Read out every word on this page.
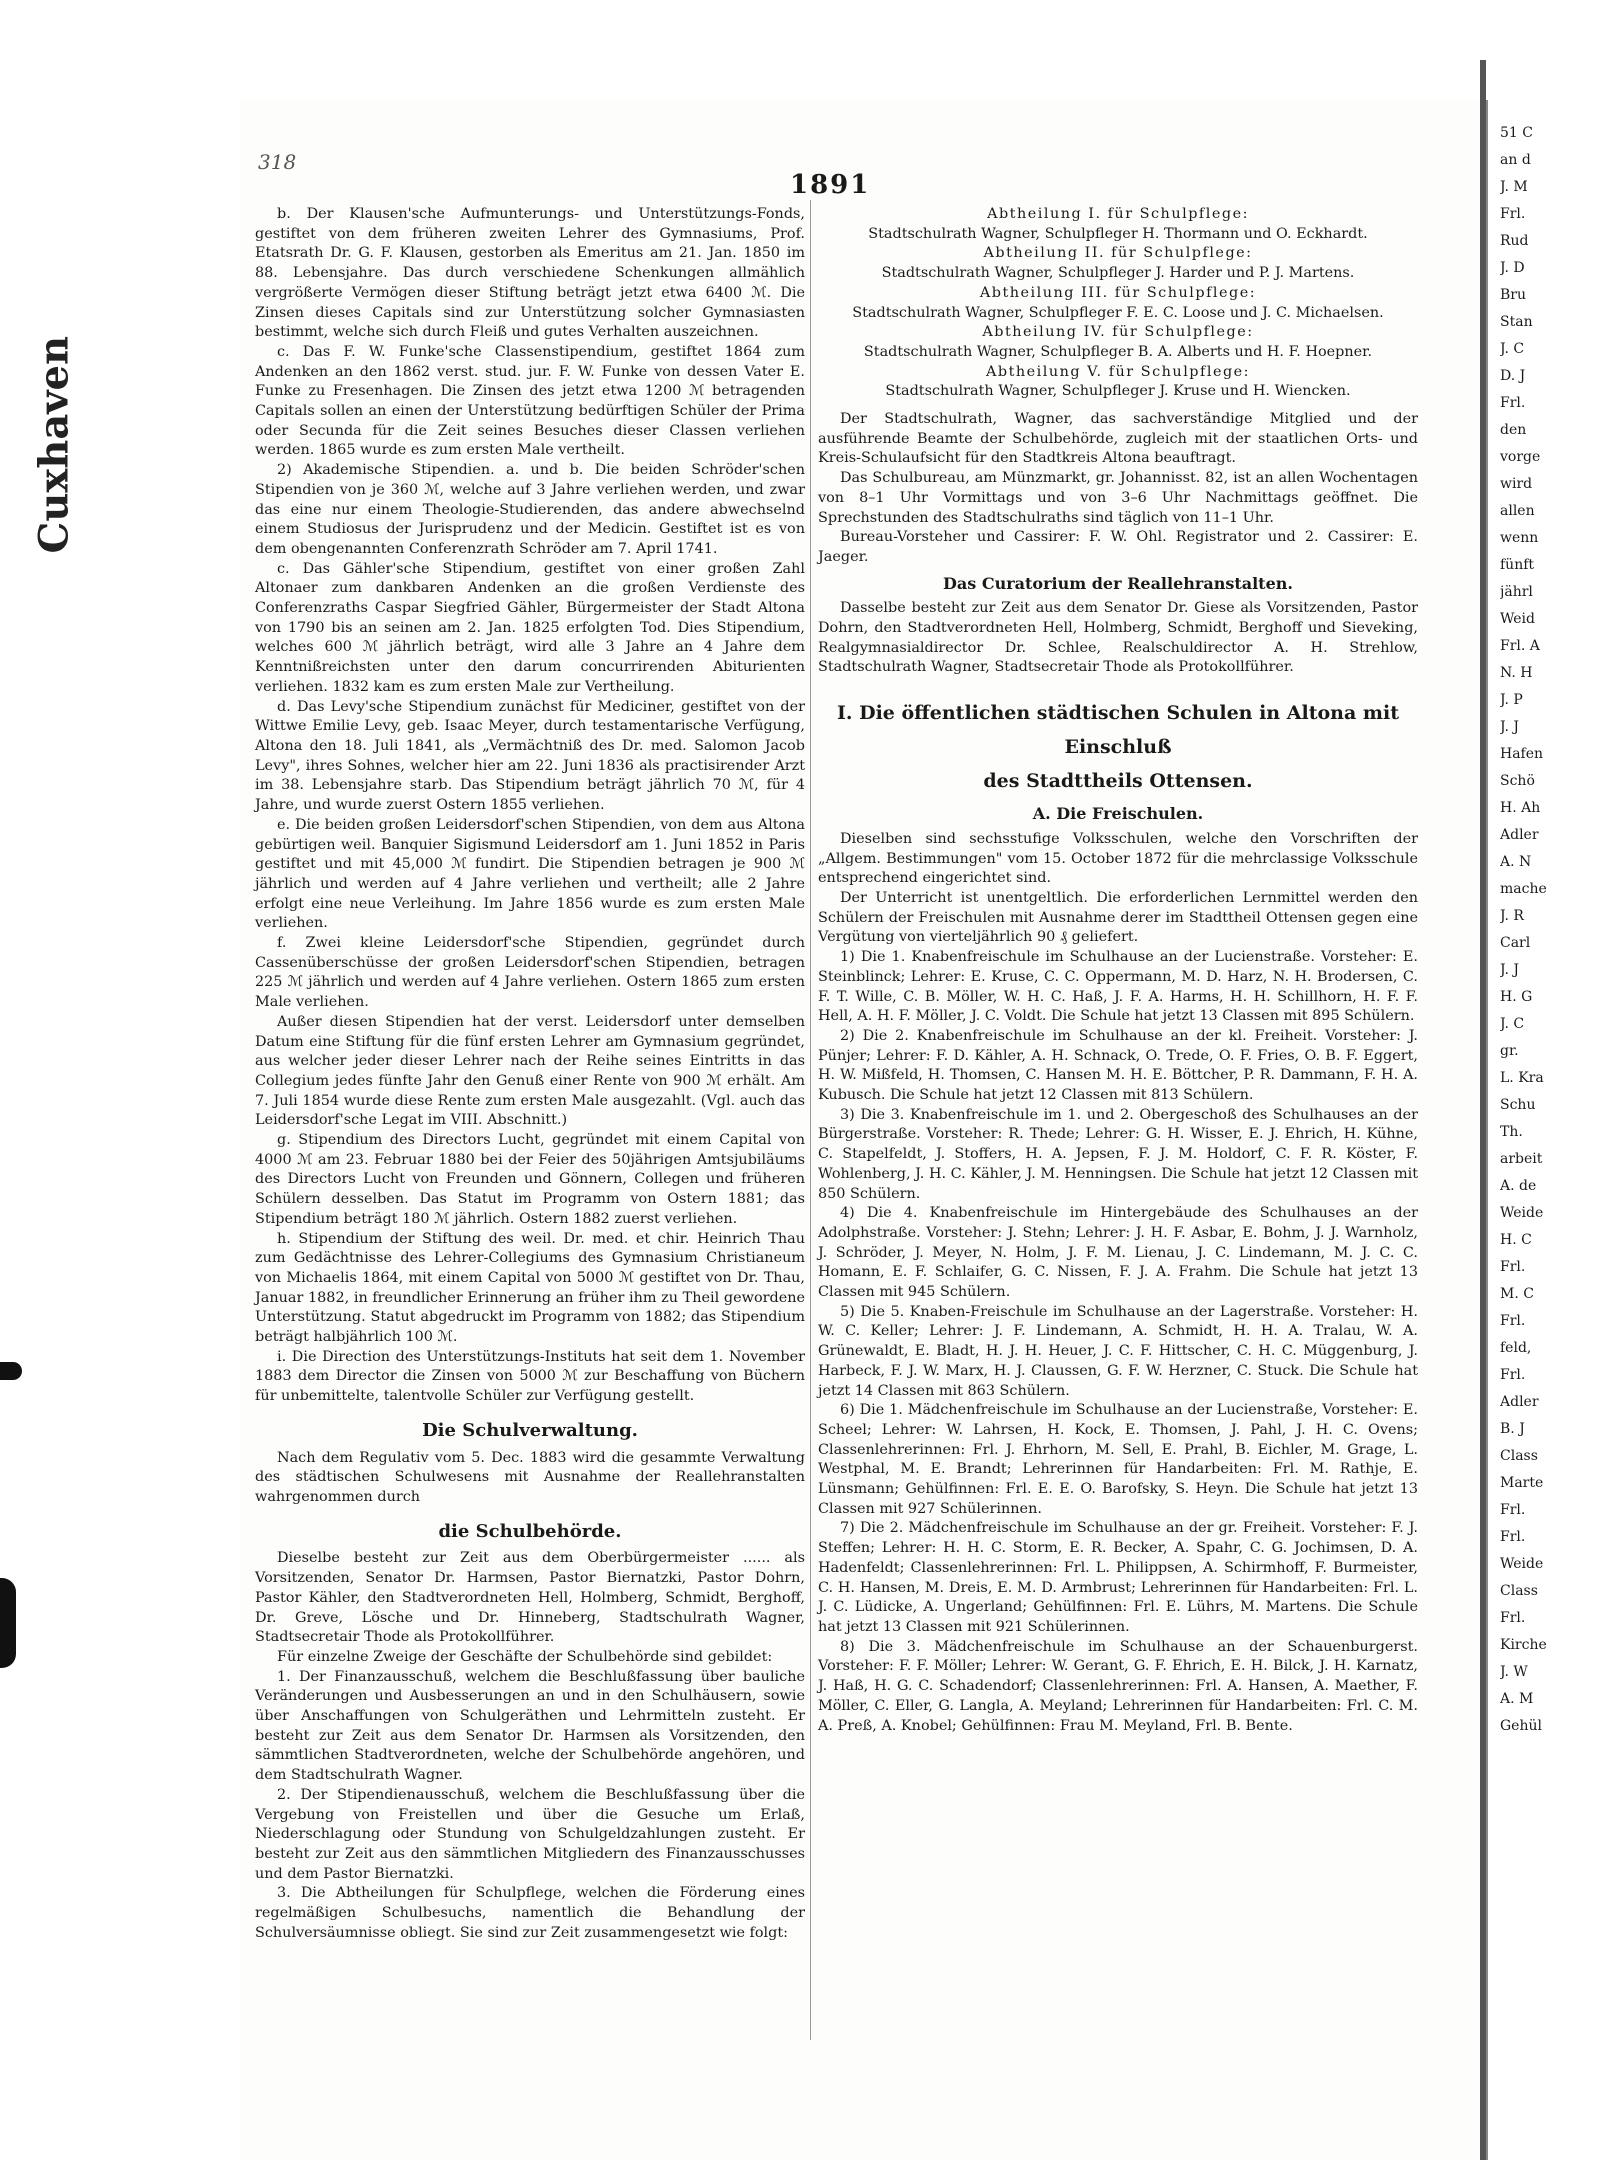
Cuxhaven
318
1891

b. Der Klausen'sche Aufmunterungs- und Unterstützungs-Fonds, gestiftet von dem früheren zweiten Lehrer des Gymnasiums, Prof. Etatsrath Dr. G. F. Klausen, gestorben als Emeritus am 21. Jan. 1850 im 88. Lebensjahre. Das durch verschiedene Schenkungen allmählich vergrößerte Vermögen dieser Stiftung beträgt jetzt etwa 6400 ℳ. Die Zinsen dieses Capitals sind zur Unterstützung solcher Gymnasiasten bestimmt, welche sich durch Fleiß und gutes Verhalten auszeichnen.

c. Das F. W. Funke'sche Classenstipendium, gestiftet 1864 zum Andenken an den 1862 verst. stud. jur. F. W. Funke von dessen Vater E. Funke zu Fresenhagen. Die Zinsen des jetzt etwa 1200 ℳ betragenden Capitals sollen an einen der Unterstützung bedürftigen Schüler der Prima oder Secunda für die Zeit seines Besuches dieser Classen verliehen werden. 1865 wurde es zum ersten Male vertheilt.

2) Akademische Stipendien. a. und b. Die beiden Schröder'schen Stipendien von je 360 ℳ, welche auf 3 Jahre verliehen werden, und zwar das eine nur einem Theologie-Studierenden, das andere abwechselnd einem Studiosus der Jurisprudenz und der Medicin. Gestiftet ist es von dem obengenannten Conferenzrath Schröder am 7. April 1741.

c. Das Gähler'sche Stipendium, gestiftet von einer großen Zahl Altonaer zum dankbaren Andenken an die großen Verdienste des Conferenzraths Caspar Siegfried Gähler, Bürgermeister der Stadt Altona von 1790 bis an seinen am 2. Jan. 1825 erfolgten Tod. Dies Stipendium, welches 600 ℳ jährlich beträgt, wird alle 3 Jahre an 4 Jahre dem Kenntnißreichsten unter den darum concurrirenden Abiturienten verliehen. 1832 kam es zum ersten Male zur Vertheilung.

d. Das Levy'sche Stipendium zunächst für Mediciner, gestiftet von der Wittwe Emilie Levy, geb. Isaac Meyer, durch testamentarische Verfügung, Altona den 18. Juli 1841, als „Vermächtniß des Dr. med. Salomon Jacob Levy", ihres Sohnes, welcher hier am 22. Juni 1836 als practisirender Arzt im 38. Lebensjahre starb. Das Stipendium beträgt jährlich 70 ℳ, für 4 Jahre, und wurde zuerst Ostern 1855 verliehen.

e. Die beiden großen Leidersdorf'schen Stipendien, von dem aus Altona gebürtigen weil. Banquier Sigismund Leidersdorf am 1. Juni 1852 in Paris gestiftet und mit 45,000 ℳ fundirt. Die Stipendien betragen je 900 ℳ jährlich und werden auf 4 Jahre verliehen und vertheilt; alle 2 Jahre erfolgt eine neue Verleihung. Im Jahre 1856 wurde es zum ersten Male verliehen.

f. Zwei kleine Leidersdorf'sche Stipendien, gegründet durch Cassenüberschüsse der großen Leidersdorf'schen Stipendien, betragen 225 ℳ jährlich und werden auf 4 Jahre verliehen. Ostern 1865 zum ersten Male verliehen.

Außer diesen Stipendien hat der verst. Leidersdorf unter demselben Datum eine Stiftung für die fünf ersten Lehrer am Gymnasium gegründet, aus welcher jeder dieser Lehrer nach der Reihe seines Eintritts in das Collegium jedes fünfte Jahr den Genuß einer Rente von 900 ℳ erhält. Am 7. Juli 1854 wurde diese Rente zum ersten Male ausgezahlt. (Vgl. auch das Leidersdorf'sche Legat im VIII. Abschnitt.)

g. Stipendium des Directors Lucht, gegründet mit einem Capital von 4000 ℳ am 23. Februar 1880 bei der Feier des 50jährigen Amtsjubiläums des Directors Lucht von Freunden und Gönnern, Collegen und früheren Schülern desselben. Das Statut im Programm von Ostern 1881; das Stipendium beträgt 180 ℳ jährlich. Ostern 1882 zuerst verliehen.

h. Stipendium der Stiftung des weil. Dr. med. et chir. Heinrich Thau zum Gedächtnisse des Lehrer-Collegiums des Gymnasium Christianeum von Michaelis 1864, mit einem Capital von 5000 ℳ gestiftet von Dr. Thau, Januar 1882, in freundlicher Erinnerung an früher ihm zu Theil gewordene Unterstützung. Statut abgedruckt im Programm von 1882; das Stipendium beträgt halbjährlich 100 ℳ.

i. Die Direction des Unterstützungs-Instituts hat seit dem 1. November 1883 dem Director die Zinsen von 5000 ℳ zur Beschaffung von Büchern für unbemittelte, talentvolle Schüler zur Verfügung gestellt.

Die Schulverwaltung.

Nach dem Regulativ vom 5. Dec. 1883 wird die gesammte Verwaltung des städtischen Schulwesens mit Ausnahme der Reallehranstalten wahrgenommen durch

die Schulbehörde.

Dieselbe besteht zur Zeit aus dem Oberbürgermeister ...... als Vorsitzenden, Senator Dr. Harmsen, Pastor Biernatzki, Pastor Dohrn, Pastor Kähler, den Stadtverordneten Hell, Holmberg, Schmidt, Berghoff, Dr. Greve, Lösche und Dr. Hinneberg, Stadtschulrath Wagner, Stadtsecretair Thode als Protokollführer.

Für einzelne Zweige der Geschäfte der Schulbehörde sind gebildet:

1. Der Finanzausschuß, welchem die Beschlußfassung über bauliche Veränderungen und Ausbesserungen an und in den Schulhäusern, sowie über Anschaffungen von Schulgeräthen und Lehrmitteln zusteht. Er besteht zur Zeit aus dem Senator Dr. Harmsen als Vorsitzenden, den sämmtlichen Stadtverordneten, welche der Schulbehörde angehören, und dem Stadtschulrath Wagner.

2. Der Stipendienausschuß, welchem die Beschlußfassung über die Vergebung von Freistellen und über die Gesuche um Erlaß, Niederschlagung oder Stundung von Schulgeldzahlungen zusteht. Er besteht zur Zeit aus den sämmtlichen Mitgliedern des Finanzausschusses und dem Pastor Biernatzki.

3. Die Abtheilungen für Schulpflege, welchen die Förderung eines regelmäßigen Schulbesuchs, namentlich die Behandlung der Schulversäumnisse obliegt. Sie sind zur Zeit zusammengesetzt wie folgt:

Abtheilung I. für Schulpflege:
Stadtschulrath Wagner, Schulpfleger H. Thormann und O. Eckhardt.
Abtheilung II. für Schulpflege:
Stadtschulrath Wagner, Schulpfleger J. Harder und P. J. Martens.
Abtheilung III. für Schulpflege:
Stadtschulrath Wagner, Schulpfleger F. E. C. Loose und J. C. Michaelsen.
Abtheilung IV. für Schulpflege:
Stadtschulrath Wagner, Schulpfleger B. A. Alberts und H. F. Hoepner.
Abtheilung V. für Schulpflege:
Stadtschulrath Wagner, Schulpfleger J. Kruse und H. Wiencken.

Der Stadtschulrath, Wagner, das sachverständige Mitglied und der ausführende Beamte der Schulbehörde, zugleich mit der staatlichen Orts- und Kreis-Schulaufsicht für den Stadtkreis Altona beauftragt.

Das Schulbureau, am Münzmarkt, gr. Johannisst. 82, ist an allen Wochentagen von 8–1 Uhr Vormittags und von 3–6 Uhr Nachmittags geöffnet. Die Sprechstunden des Stadtschulraths sind täglich von 11–1 Uhr.

Bureau-Vorsteher und Cassirer: F. W. Ohl. Registrator und 2. Cassirer: E. Jaeger.

Das Curatorium der Reallehranstalten.

Dasselbe besteht zur Zeit aus dem Senator Dr. Giese als Vorsitzenden, Pastor Dohrn, den Stadtverordneten Hell, Holmberg, Schmidt, Berghoff und Sieveking, Realgymnasialdirector Dr. Schlee, Realschuldirector A. H. Strehlow, Stadtschulrath Wagner, Stadtsecretair Thode als Protokollführer.

I. Die öffentlichen städtischen Schulen in Altona mit Einschluß
des Stadttheils Ottensen.
A. Die Freischulen.

Dieselben sind sechsstufige Volksschulen, welche den Vorschriften der „Allgem. Bestimmungen" vom 15. October 1872 für die mehrclassige Volksschule entsprechend eingerichtet sind.

Der Unterricht ist unentgeltlich. Die erforderlichen Lernmittel werden den Schülern der Freischulen mit Ausnahme derer im Stadttheil Ottensen gegen eine Vergütung von vierteljährlich 90 ₰ geliefert.

1) Die 1. Knabenfreischule im Schulhause an der Lucienstraße. Vorsteher: E. Steinblinck; Lehrer: E. Kruse, C. C. Oppermann, M. D. Harz, N. H. Brodersen, C. F. T. Wille, C. B. Möller, W. H. C. Haß, J. F. A. Harms, H. H. Schillhorn, H. F. F. Hell, A. H. F. Möller, J. C. Voldt. Die Schule hat jetzt 13 Classen mit 895 Schülern.

2) Die 2. Knabenfreischule im Schulhause an der kl. Freiheit. Vorsteher: J. Pünjer; Lehrer: F. D. Kähler, A. H. Schnack, O. Trede, O. F. Fries, O. B. F. Eggert, H. W. Mißfeld, H. Thomsen, C. Hansen M. H. E. Böttcher, P. R. Dammann, F. H. A. Kubusch. Die Schule hat jetzt 12 Classen mit 813 Schülern.

3) Die 3. Knabenfreischule im 1. und 2. Obergeschoß des Schulhauses an der Bürgerstraße. Vorsteher: R. Thede; Lehrer: G. H. Wisser, E. J. Ehrich, H. Kühne, C. Stapelfeldt, J. Stoffers, H. A. Jepsen, F. J. M. Holdorf, C. F. R. Köster, F. Wohlenberg, J. H. C. Kähler, J. M. Henningsen. Die Schule hat jetzt 12 Classen mit 850 Schülern.

4) Die 4. Knabenfreischule im Hintergebäude des Schulhauses an der Adolphstraße. Vorsteher: J. Stehn; Lehrer: J. H. F. Asbar, E. Bohm, J. J. Warnholz, J. Schröder, J. Meyer, N. Holm, J. F. M. Lienau, J. C. Lindemann, M. J. C. C. Homann, E. F. Schlaifer, G. C. Nissen, F. J. A. Frahm. Die Schule hat jetzt 13 Classen mit 945 Schülern.

5) Die 5. Knaben-Freischule im Schulhause an der Lagerstraße. Vorsteher: H. W. C. Keller; Lehrer: J. F. Lindemann, A. Schmidt, H. H. A. Tralau, W. A. Grünewaldt, E. Bladt, H. J. H. Heuer, J. C. F. Hittscher, C. H. C. Müggenburg, J. Harbeck, F. J. W. Marx, H. J. Claussen, G. F. W. Herzner, C. Stuck. Die Schule hat jetzt 14 Classen mit 863 Schülern.

6) Die 1. Mädchenfreischule im Schulhause an der Lucienstraße, Vorsteher: E. Scheel; Lehrer: W. Lahrsen, H. Kock, E. Thomsen, J. Pahl, J. H. C. Ovens; Classenlehrerinnen: Frl. J. Ehrhorn, M. Sell, E. Prahl, B. Eichler, M. Grage, L. Westphal, M. E. Brandt; Lehrerinnen für Handarbeiten: Frl. M. Rathje, E. Lünsmann; Gehülfinnen: Frl. E. E. O. Barofsky, S. Heyn. Die Schule hat jetzt 13 Classen mit 927 Schülerinnen.

7) Die 2. Mädchenfreischule im Schulhause an der gr. Freiheit. Vorsteher: F. J. Steffen; Lehrer: H. H. C. Storm, E. R. Becker, A. Spahr, C. G. Jochimsen, D. A. Hadenfeldt; Classenlehrerinnen: Frl. L. Philippsen, A. Schirmhoff, F. Burmeister, C. H. Hansen, M. Dreis, E. M. D. Armbrust; Lehrerinnen für Handarbeiten: Frl. L. J. C. Lüdicke, A. Ungerland; Gehülfinnen: Frl. E. Lührs, M. Martens. Die Schule hat jetzt 13 Classen mit 921 Schülerinnen.

8) Die 3. Mädchenfreischule im Schulhause an der Schauenburgerst. Vorsteher: F. F. Möller; Lehrer: W. Gerant, G. F. Ehrich, E. H. Bilck, J. H. Karnatz, J. Haß, H. G. C. Schadendorf; Classenlehrerinnen: Frl. A. Hansen, A. Maether, F. Möller, C. Eller, G. Langla, A. Meyland; Lehrerinnen für Handarbeiten: Frl. C. M. A. Preß, A. Knobel; Gehülfinnen: Frau M. Meyland, Frl. B. Bente.

51 C
an d
J. M
Frl.
Rud
J. D
Bru
Stan
J. C
D. J
Frl.
den
vorge
wird
allen
wenn
fünft
jährl
Weid
Frl. A
N. H
J. P
J. J
Hafen
Schö
H. Ah
Adler
A. N
mache
J. R
Carl
J. J
H. G
J. C
gr.
L. Kra
Schu
Th.
arbeit
A. de
Weide
H. C
Frl.
M. C
Frl.
feld,
Frl.
Adler
B. J
Class
Marte
Frl.
Frl.
Weide
Class
Frl.
Kirche
J. W
A. M
Gehül
